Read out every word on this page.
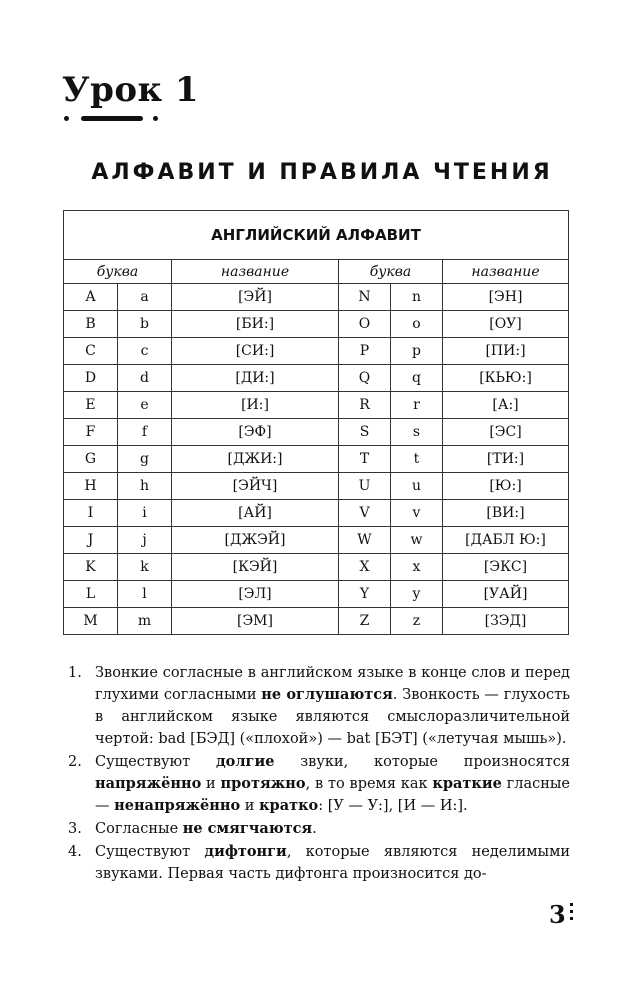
Урок 1
АЛФАВИТ И ПРАВИЛА ЧТЕНИЯ
АНГЛИЙСКИЙ АЛФАВИТ					
буква		название	буква		название
A	a	[ЭЙ]	N	n	[ЭН]
B	b	[БИ:]	O	o	[ОУ]
C	c	[СИ:]	P	p	[ПИ:]
D	d	[ДИ:]	Q	q	[КЬЮ:]
E	e	[И:]	R	r	[А:]
F	f	[ЭФ]	S	s	[ЭС]
G	g	[ДЖИ:]	T	t	[ТИ:]
H	h	[ЭЙЧ]	U	u	[Ю:]
I	i	[АЙ]	V	v	[ВИ:]
J	j	[ДЖЭЙ]	W	w	[ДАБЛ Ю:]
K	k	[КЭЙ]	X	x	[ЭКС]
L	l	[ЭЛ]	Y	y	[УАЙ]
M	m	[ЭМ]	Z	z	[ЗЭД]
1. Звонкие согласные в английском языке в конце слов и перед глухими согласными не оглушаются. Звонкость — глухость в английском языке являются смыслоразличительной чертой: bad [БЭД] («плохой») — bat [БЭТ] («летучая мышь»).
2. Существуют долгие звуки, которые произносятся напряжённо и протяжно, в то время как краткие гласные — ненапряжённо и кратко: [У — У:], [И — И:].
3. Согласные не смягчаются.
4. Существуют дифтонги, которые являются неделимыми звуками. Первая часть дифтонга произносится до-
3
